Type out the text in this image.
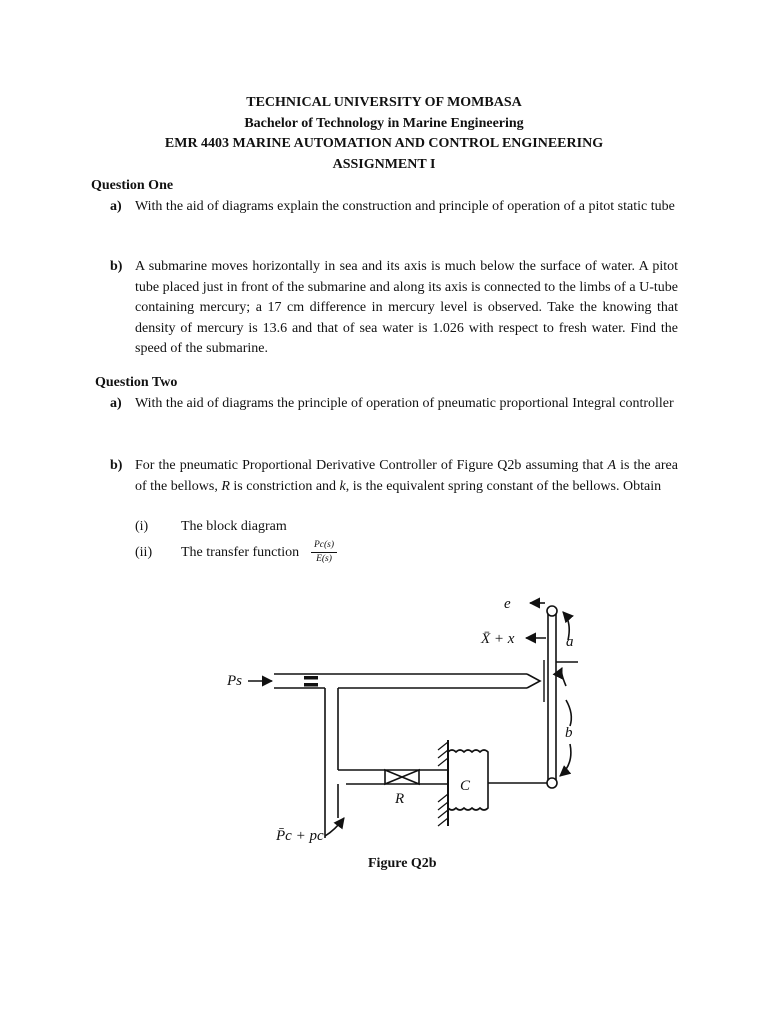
TECHNICAL UNIVERSITY OF MOMBASA
Bachelor of Technology in Marine Engineering
EMR 4403 MARINE AUTOMATION AND CONTROL ENGINEERING
ASSIGNMENT I
Question One
a) With the aid of diagrams explain the construction and principle of operation of a pitot static tube
b) A submarine moves horizontally in sea and its axis is much below the surface of water. A pitot tube placed just in front of the submarine and along its axis is connected to the limbs of a U-tube containing mercury; a 17 cm difference in mercury level is observed. Take the knowing that density of mercury is 13.6 and that of sea water is 1.026 with respect to fresh water. Find the speed of the submarine.
Question Two
a) With the aid of diagrams the principle of operation of pneumatic proportional Integral controller
b) For the pneumatic Proportional Derivative Controller of Figure Q2b assuming that A is the area of the bellows, R is constriction and k, is the equivalent spring constant of the bellows. Obtain
(i) The block diagram
(ii) The transfer function $\frac{Pc(s)}{E(s)}$
e
X̄ + x	a
b
Ps
C
R
P̄c + pc
Figure Q2b
